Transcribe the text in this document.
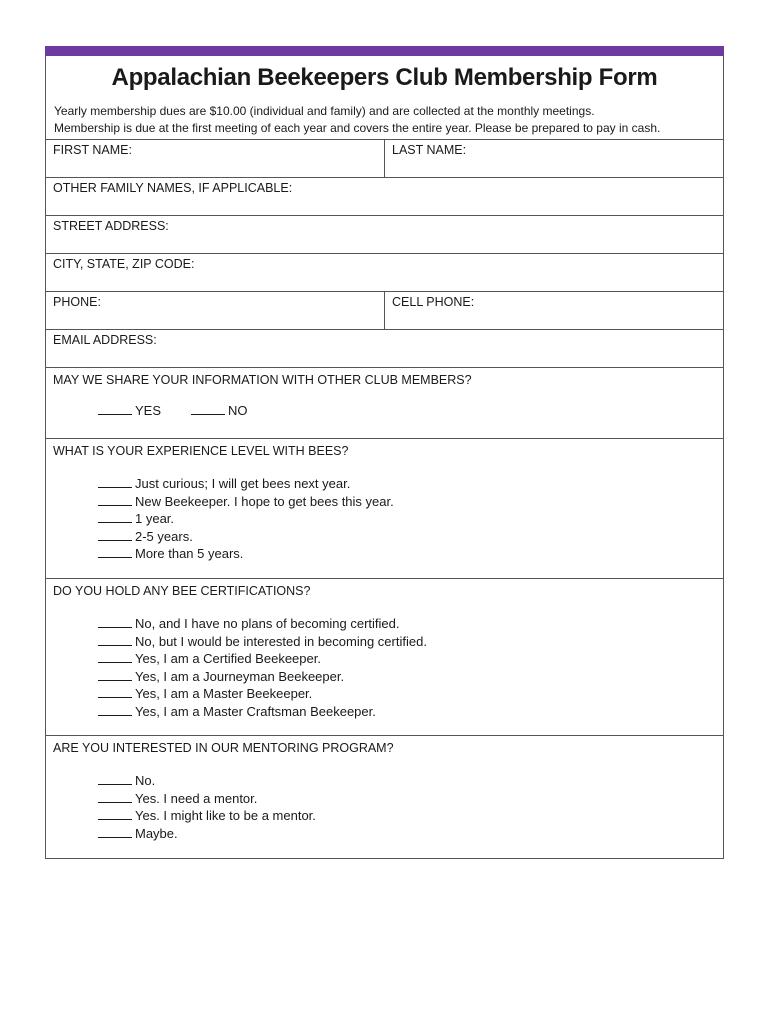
Appalachian Beekeepers Club Membership Form

Yearly membership dues are $10.00 (individual and family) and are collected at the monthly meetings.

Membership is due at the first meeting of each year and covers the entire year. Please be prepared to pay in cash.

FIRST NAME:	LAST NAME:
OTHER FAMILY NAMES, IF APPLICABLE:
STREET ADDRESS:
CITY, STATE, ZIP CODE:
PHONE:	CELL PHONE:
EMAIL ADDRESS:
MAY WE SHARE YOUR INFORMATION WITH OTHER CLUB MEMBERS?
YES	NO
WHAT IS YOUR EXPERIENCE LEVEL WITH BEES?
Just curious; I will get bees next year.
New Beekeeper. I hope to get bees this year.
1 year.
2-5 years.
More than 5 years.
DO YOU HOLD ANY BEE CERTIFICATIONS?
No, and I have no plans of becoming certified.
No, but I would be interested in becoming certified.
Yes, I am a Certified Beekeeper.
Yes, I am a Journeyman Beekeeper.
Yes, I am a Master Beekeeper.
Yes, I am a Master Craftsman Beekeeper.
ARE YOU INTERESTED IN OUR MENTORING PROGRAM?
No.
Yes. I need a mentor.
Yes. I might like to be a mentor.
Maybe.
